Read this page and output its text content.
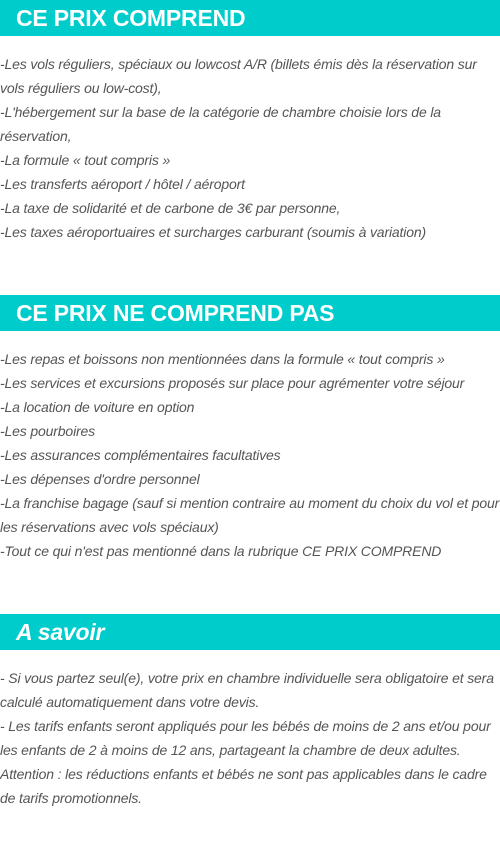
CE PRIX COMPREND
-Les vols réguliers, spéciaux ou lowcost A/R (billets émis dès la réservation sur vols réguliers ou low-cost),
-L'hébergement sur la base de la catégorie de chambre choisie lors de la réservation,
-La formule « tout compris »
-Les transferts aéroport / hôtel / aéroport
-La taxe de solidarité et de carbone de 3€ par personne,
-Les taxes aéroportuaires et surcharges carburant (soumis à variation)
CE PRIX NE COMPREND PAS
-Les repas et boissons non mentionnées dans la formule « tout compris »
-Les services et excursions proposés sur place pour agrémenter votre séjour
-La location de voiture en option
-Les pourboires
-Les assurances complémentaires facultatives
-Les dépenses d'ordre personnel
-La franchise bagage (sauf si mention contraire au moment du choix du vol et pour les réservations avec vols spéciaux)
-Tout ce qui n'est pas mentionné dans la rubrique CE PRIX COMPREND
A savoir
- Si vous partez seul(e), votre prix en chambre individuelle sera obligatoire et sera calculé automatiquement dans votre devis.
- Les tarifs enfants seront appliqués pour les bébés de moins de 2 ans et/ou pour les enfants de 2 à moins de 12 ans, partageant la chambre de deux adultes.
Attention : les réductions enfants et bébés ne sont pas applicables dans le cadre de tarifs promotionnels.
